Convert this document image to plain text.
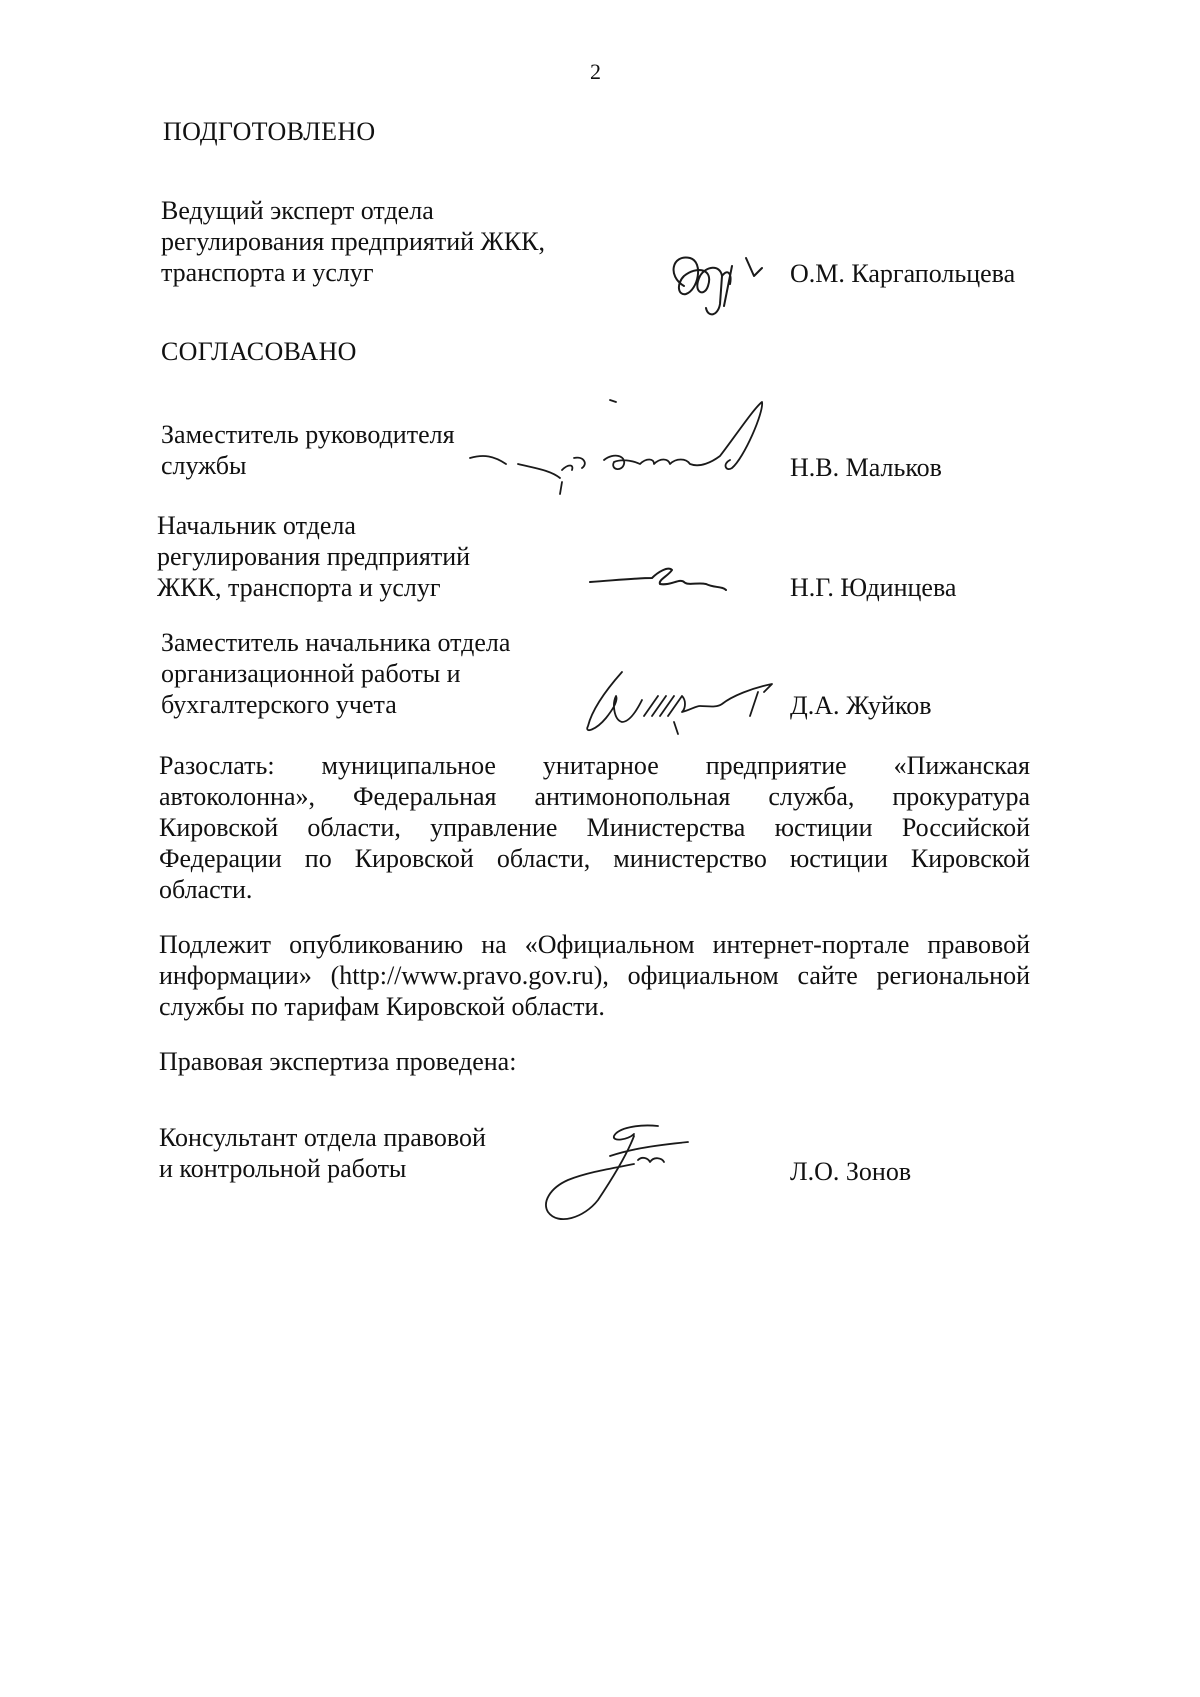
2
ПОДГОТОВЛЕНО
Ведущий эксперт отдела
регулирования предприятий ЖКК,
транспорта и услуг	О.М. Каргапольцева
СОГЛАСОВАНО
Заместитель руководителя
службы	Н.В. Мальков
Начальник отдела
регулирования предприятий
ЖКК, транспорта и услуг	Н.Г. Юдинцева
Заместитель начальника отдела
организационной работы и
бухгалтерского учета	Д.А. Жуйков
Разослать: муниципальное унитарное предприятие «Пижанская
автоколонна», Федеральная антимонопольная служба, прокуратура
Кировской области, управление Министерства юстиции Российской
Федерации по Кировской области, министерство юстиции Кировской
области.
Подлежит опубликованию на «Официальном интернет-портале правовой
информации» (http://www.pravo.gov.ru), официальном сайте региональной
службы по тарифам Кировской области.
Правовая экспертиза проведена:
Консультант отдела правовой
и контрольной работы	Л.О. Зонов
